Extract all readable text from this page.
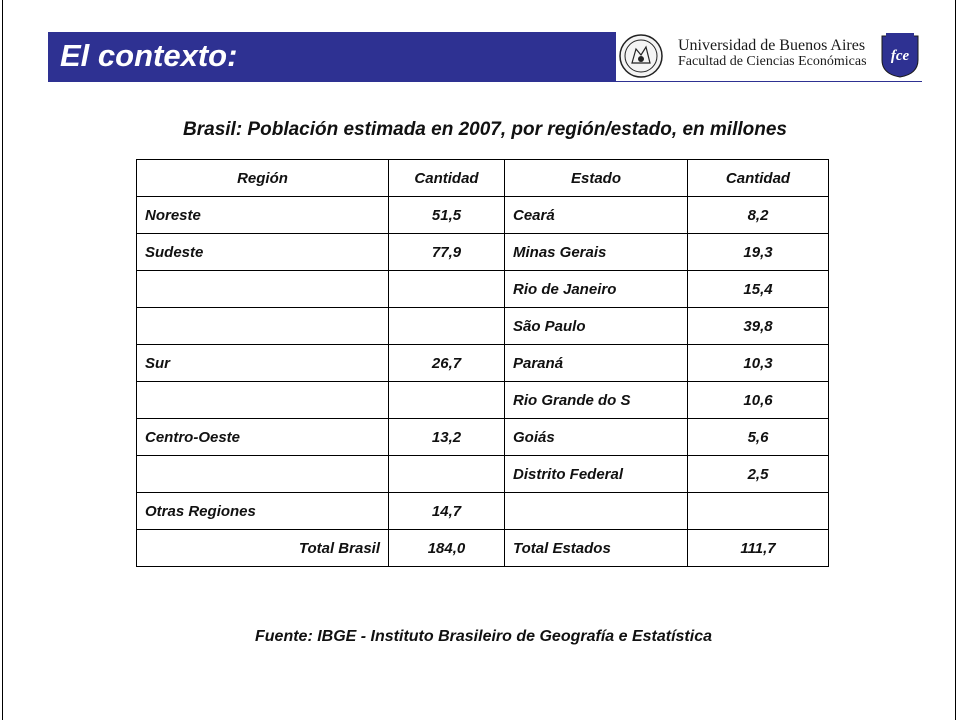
El contexto:	Universidad de Buenos Aires
Facultad de Ciencias Económicas fce
Brasil: Población estimada en 2007, por región/estado, en millones
Región	Cantidad	Estado	Cantidad
Noreste	51,5	Ceará	8,2
Sudeste	77,9	Minas Gerais	19,3
		Rio de Janeiro	15,4
		São Paulo	39,8
Sur	26,7	Paraná	10,3
		Rio Grande do S	10,6
Centro-Oeste	13,2	Goiás	5,6
		Distrito Federal	2,5
Otras Regiones	14,7		
Total Brasil	184,0	Total Estados	111,7
Fuente: IBGE - Instituto Brasileiro de Geografía e Estatística
